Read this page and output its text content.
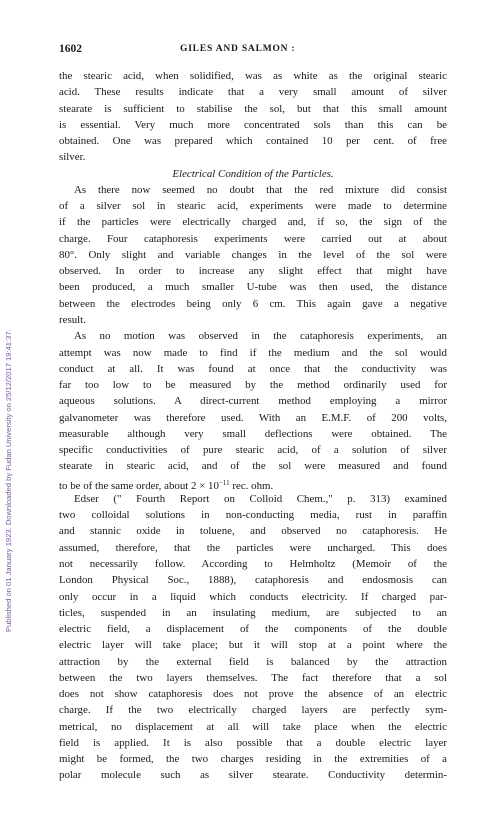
1602	GILES AND SALMON :
Published on 01 January 1923. Downloaded by Fudan University on 25/12/2017 19:41:37.
the stearic acid, when solidified, was as white as the original stearic
acid. These results indicate that a very small amount of silver
stearate is sufficient to stabilise the sol, but that this small amount
is essential. Very much more concentrated sols than this can be
obtained. One was prepared which contained 10 per cent. of free
silver.
Electrical Condition of the Particles.
As there now seemed no doubt that the red mixture did consist
of a silver sol in stearic acid, experiments were made to determine
if the particles were electrically charged and, if so, the sign of the
charge. Four cataphoresis experiments were carried out at about
80°. Only slight and variable changes in the level of the sol were
observed. In order to increase any slight effect that might have
been produced, a much smaller U-tube was then used, the distance
between the electrodes being only 6 cm. This again gave a negative
result.
As no motion was observed in the cataphoresis experiments, an
attempt was now made to find if the medium and the sol would
conduct at all. It was found at once that the conductivity was
far too low to be measured by the method ordinarily used for
aqueous solutions. A direct-current method employing a mirror
galvanometer was therefore used. With an E.M.F. of 200 volts,
measurable although very small deflections were obtained. The
specific conductivities of pure stearic acid, of a solution of silver
stearate in stearic acid, and of the sol were measured and found
to be of the same order, about $2 \times 10^{-11}$ rec. ohm.
Edser (" Fourth Report on Colloid Chem.," p. 313) examined
two colloidal solutions in non-conducting media, rust in paraffin
and stannic oxide in toluene, and observed no cataphoresis. He
assumed, therefore, that the particles were uncharged. This does
not necessarily follow. According to Helmholtz (Memoir of the
London Physical Soc., 1888), cataphoresis and endosmosis can
only occur in a liquid which conducts electricity. If charged par-
ticles, suspended in an insulating medium, are subjected to an
electric field, a displacement of the components of the double
electric layer will take place; but it will stop at a point where the
attraction by the external field is balanced by the attraction
between the two layers themselves. The fact therefore that a sol
does not show cataphoresis does not prove the absence of an electric
charge. If the two electrically charged layers are perfectly sym-
metrical, no displacement at all will take place when the electric
field is applied. It is also possible that a double electric layer
might be formed, the two charges residing in the extremities of a
polar molecule such as silver stearate. Conductivity determin-
